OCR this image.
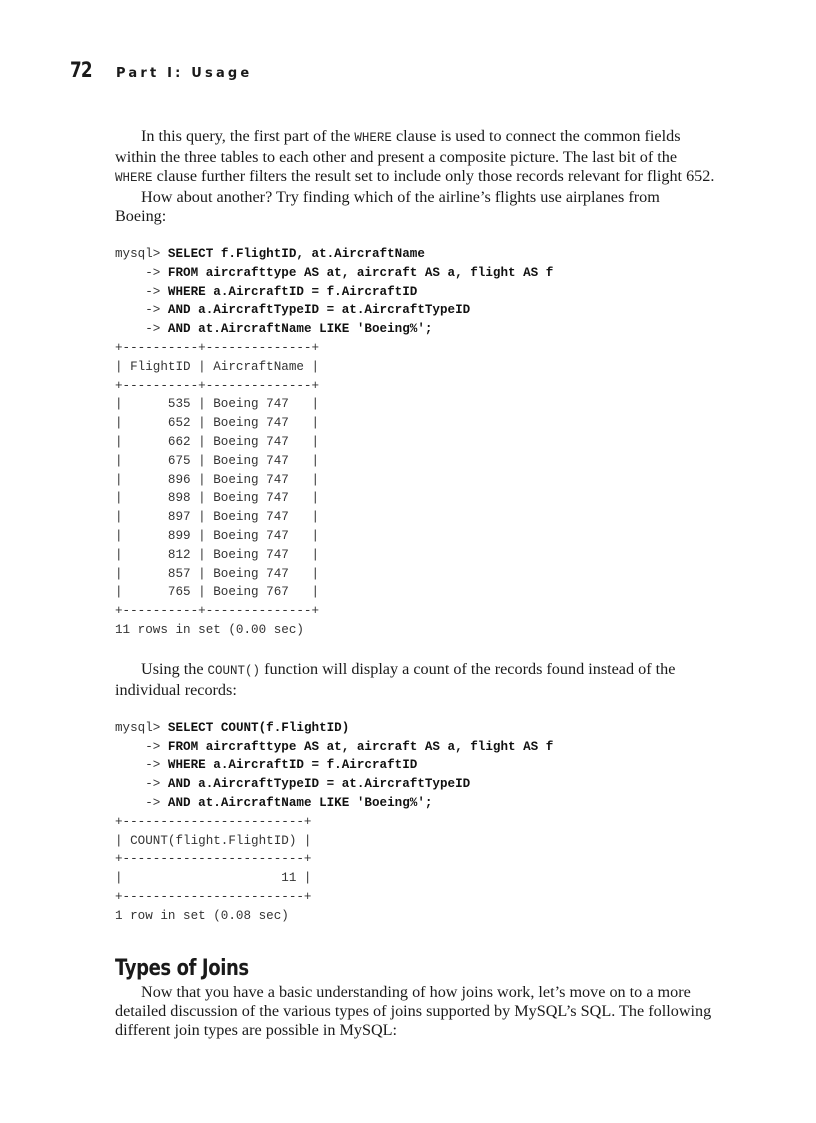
72 Part I: Usage

In this query, the first part of the WHERE clause is used to connect the common fields within the three tables to each other and present a composite picture. The last bit of the WHERE clause further filters the result set to include only those records relevant for flight 652.

How about another? Try finding which of the airline’s flights use airplanes from Boeing:

mysql> SELECT f.FlightID, at.AircraftName
-> FROM aircrafttype AS at, aircraft AS a, flight AS f
-> WHERE a.AircraftID = f.AircraftID
-> AND a.AircraftTypeID = at.AircraftTypeID
-> AND at.AircraftName LIKE 'Boeing%';
+----------+--------------+
| FlightID | AircraftName |
+----------+--------------+
|      535 | Boeing 747   |
|      652 | Boeing 747   |
|      662 | Boeing 747   |
|      675 | Boeing 747   |
|      896 | Boeing 747   |
|      898 | Boeing 747   |
|      897 | Boeing 747   |
|      899 | Boeing 747   |
|      812 | Boeing 747   |
|      857 | Boeing 747   |
|      765 | Boeing 767   |
+----------+--------------+
11 rows in set (0.00 sec)

Using the COUNT() function will display a count of the records found instead of the individual records:

mysql> SELECT COUNT(f.FlightID)
-> FROM aircrafttype AS at, aircraft AS a, flight AS f
-> WHERE a.AircraftID = f.AircraftID
-> AND a.AircraftTypeID = at.AircraftTypeID
-> AND at.AircraftName LIKE 'Boeing%';
+------------------------+
| COUNT(flight.FlightID) |
+------------------------+
|                     11 |
+------------------------+
1 row in set (0.08 sec)
Types of Joins

Now that you have a basic understanding of how joins work, let’s move on to a more detailed discussion of the various types of joins supported by MySQL’s SQL. The following different join types are possible in MySQL:
